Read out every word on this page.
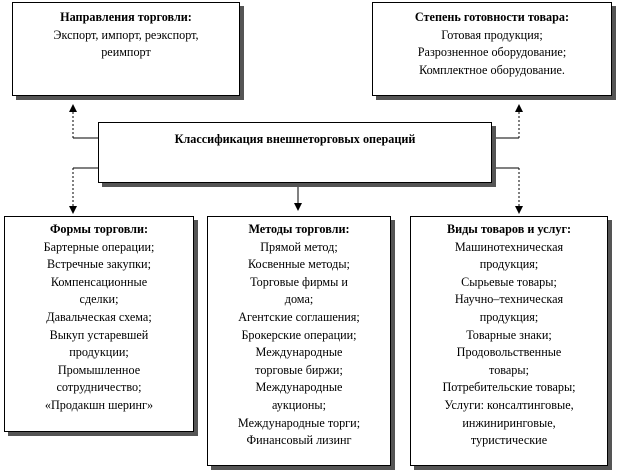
Направления торговли:
Экспорт, импорт, реэкспорт,
реимпорт
Степень готовности товара:
Готовая продукция;
Разрозненное оборудование;
Комплектное оборудование.
Классификация внешнеторговых операций
Формы торговли:
Бартерные операции;
Встречные закупки;
Компенсационные
сделки;
Давальческая схема;
Выкуп устаревшей
продукции;
Промышленное
сотрудничество;
«Продакшн шеринг»
Методы торговли:
Прямой метод;
Косвенные методы;
Торговые фирмы и
дома;
Агентские соглашения;
Брокерские операции;
Международные
торговые биржи;
Международные
аукционы;
Международные торги;
Финансовый лизинг
Виды товаров и услуг:
Машинотехническая
продукция;
Сырьевые товары;
Научно–техническая
продукция;
Товарные знаки;
Продовольственные
товары;
Потребительские товары;
Услуги: консалтинговые,
инжиниринговые,
туристические
